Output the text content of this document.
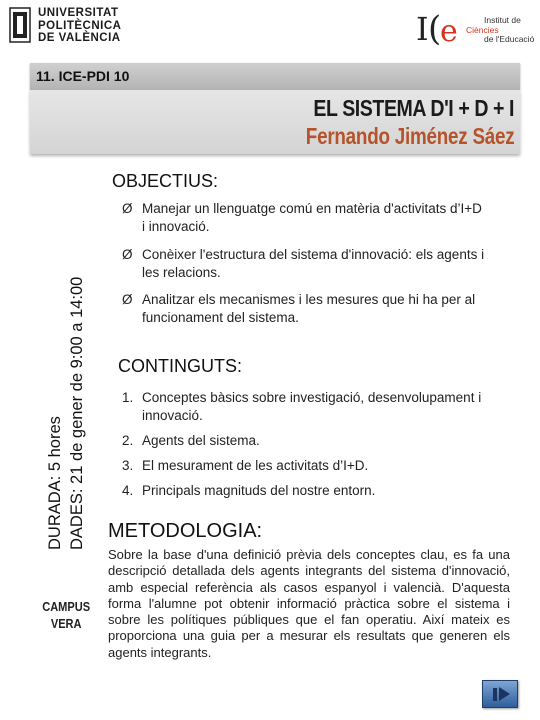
UNIVERSITAT
POLITÈCNICA
DE VALÈNCIA	I (
e	Institut de
Ciències
de l'Educació
11. ICE-PDI 10
EL SISTEMA D'I + D + I
Fernando Jiménez Sáez
DURADA: 5 hores DADES: 21 de gener de 9:00 a 14:00
CAMPUS
VERA
OBJECTIUS:
Ø Manejar un llenguatge comú en matèria d'activitats d’I+D
i innovació.
Ø Conèixer l'estructura del sistema d'innovació: els agents i
les relacions.
Ø Analitzar els mecanismes i les mesures que hi ha per al
funcionament del sistema.
CONTINGUTS:
1. Conceptes bàsics sobre investigació, desenvolupament i
innovació.
2. Agents del sistema.
3. El mesurament de les activitats d’I+D.
4. Principals magnituds del nostre entorn.
METODOLOGIA:
Sobre la base d'una definició prèvia dels conceptes clau, es fa una descripció detallada dels agents integrants del sistema d'innovació, amb especial referència als casos espanyol i valencià. D'aquesta forma l'alumne pot obtenir informació pràctica sobre el sistema i sobre les polítiques públiques que el fan operatiu. Així mateix es proporciona una guia per a mesurar els resultats que generen els agents integrants.
